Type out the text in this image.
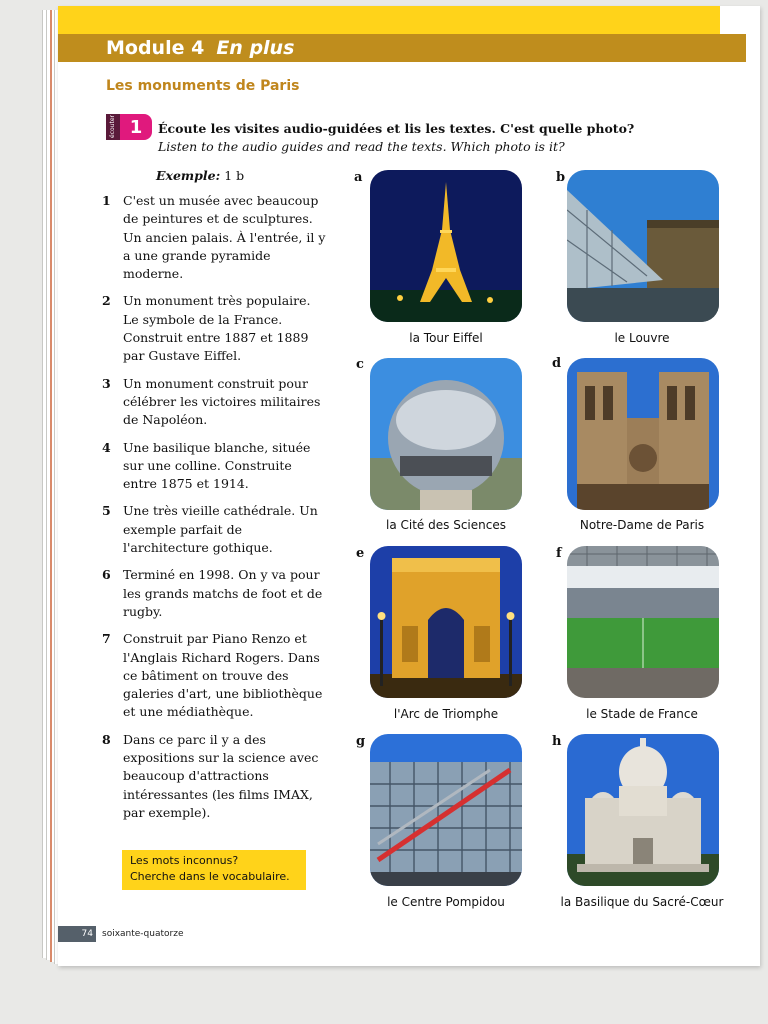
Module 4 En plus
Les monuments de Paris
écouter 1	Écoute les visites audio-guidées et lis les textes. C'est quelle photo?
Listen to the audio guides and read the texts. Which photo is it?
Exemple: 1 b
1 C'est un musée avec beaucoup de peintures et de sculptures. Un ancien palais. À l'entrée, il y a une grande pyramide moderne.
2 Un monument très populaire. Le symbole de la France. Construit entre 1887 et 1889 par Gustave Eiffel.
3 Un monument construit pour célébrer les victoires militaires de Napoléon.
4 Une basilique blanche, située sur une colline. Construite entre 1875 et 1914.
5 Une très vieille cathédrale. Un exemple parfait de l'architecture gothique.
6 Terminé en 1998. On y va pour les grands matchs de foot et de rugby.
7 Construit par Piano Renzo et l'Anglais Richard Rogers. Dans ce bâtiment on trouve des galeries d'art, une bibliothèque et une médiathèque.
8 Dans ce parc il y a des expositions sur la science avec beaucoup d'attractions intéressantes (les films IMAX, par exemple).
Les mots inconnus?
Cherche dans le vocabulaire.
a
la Tour Eiffel
b
le Louvre
c
la Cité des Sciences
d
Notre-Dame de Paris
e
l'Arc de Triomphe
f
le Stade de France
g
le Centre Pompidou
h
la Basilique du Sacré-Cœur
74	soixante-quatorze
